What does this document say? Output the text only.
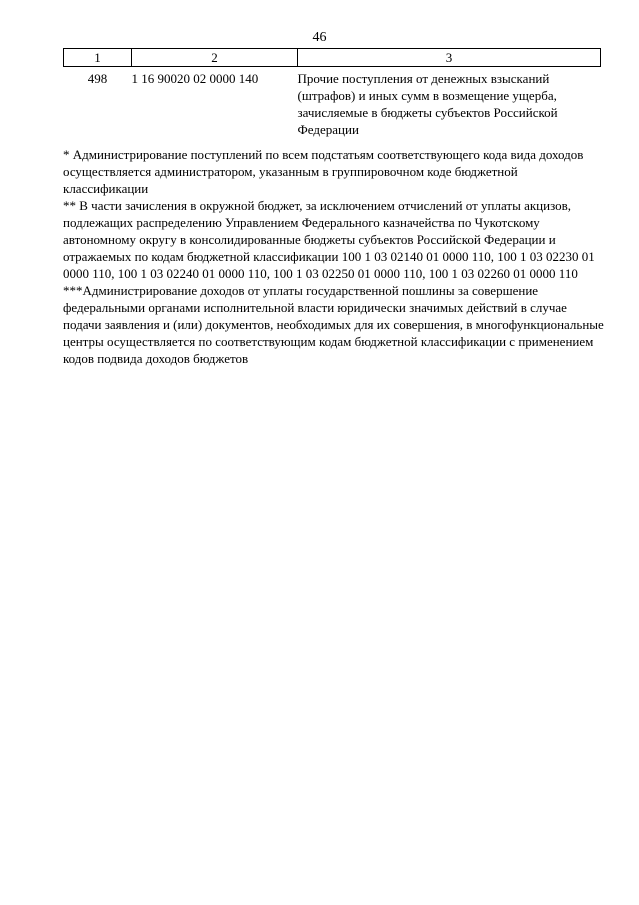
46
1	2	3
498	1 16 90020 02 0000 140	Прочие поступления от денежных взысканий (штрафов) и иных сумм в возмещение ущерба, зачисляемые в бюджеты субъектов Российской Федерации

* Администрирование поступлений по всем подстатьям соответствующего кода вида доходов

осуществляется администратором, указанным в группировочном коде бюджетной классификации

** В части зачисления в окружной бюджет, за исключением отчислений от уплаты акцизов, подлежащих распределению Управлением Федерального казначейства по Чукотскому автономному округу в консолидированные бюджеты субъектов Российской Федерации и отражаемых по кодам бюджетной классификации 100 1 03 02140 01 0000 110, 100 1 03 02230 01 0000 110, 100 1 03 02240 01 0000 110, 100 1 03 02250 01 0000 110, 100 1 03 02260 01 0000 110

***Администрирование доходов от уплаты государственной пошлины за совершение федеральными органами исполнительной власти юридически значимых действий в случае подачи заявления и (или) документов, необходимых для их совершения, в многофункциональные центры осуществляется по соответствующим кодам бюджетной классификации с применением кодов подвида доходов бюджетов
